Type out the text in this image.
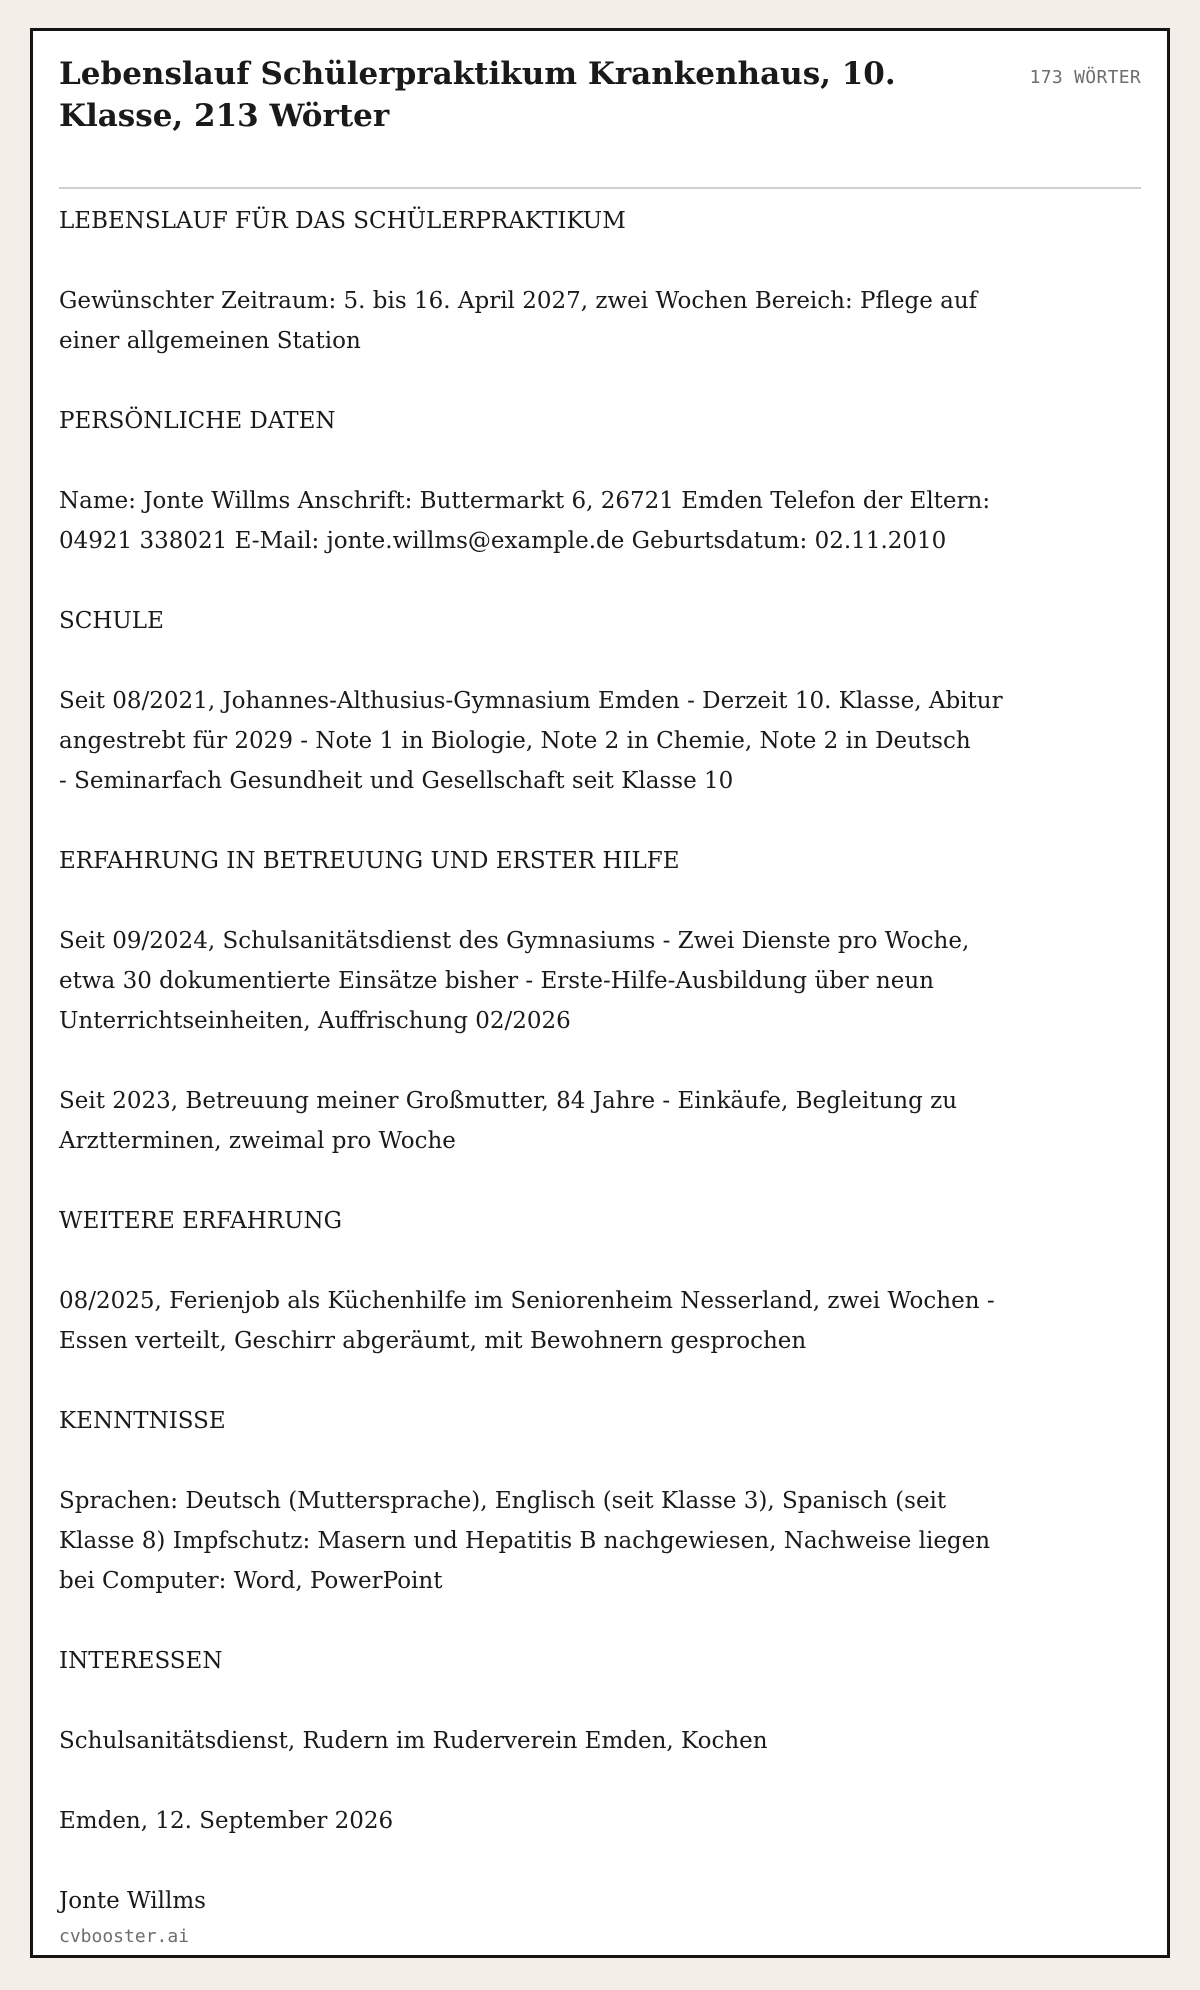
Lebenslauf Schülerpraktikum Krankenhaus, 10. Klasse, 213 Wörter
173 WÖRTER

LEBENSLAUF FÜR DAS SCHÜLERPRAKTIKUM

Gewünschter Zeitraum: 5. bis 16. April 2027, zwei Wochen Bereich: Pflege auf
einer allgemeinen Station

PERSÖNLICHE DATEN

Name: Jonte Willms Anschrift: Buttermarkt 6, 26721 Emden Telefon der Eltern:
04921 338021 E-Mail: jonte.willms@example.de Geburtsdatum: 02.11.2010

SCHULE

Seit 08/2021, Johannes-Althusius-Gymnasium Emden - Derzeit 10. Klasse, Abitur
angestrebt für 2029 - Note 1 in Biologie, Note 2 in Chemie, Note 2 in Deutsch
- Seminarfach Gesundheit und Gesellschaft seit Klasse 10

ERFAHRUNG IN BETREUUNG UND ERSTER HILFE

Seit 09/2024, Schulsanitätsdienst des Gymnasiums - Zwei Dienste pro Woche,
etwa 30 dokumentierte Einsätze bisher - Erste-Hilfe-Ausbildung über neun
Unterrichtseinheiten, Auffrischung 02/2026

Seit 2023, Betreuung meiner Großmutter, 84 Jahre - Einkäufe, Begleitung zu
Arztterminen, zweimal pro Woche

WEITERE ERFAHRUNG

08/2025, Ferienjob als Küchenhilfe im Seniorenheim Nesserland, zwei Wochen -
Essen verteilt, Geschirr abgeräumt, mit Bewohnern gesprochen

KENNTNISSE

Sprachen: Deutsch (Muttersprache), Englisch (seit Klasse 3), Spanisch (seit
Klasse 8) Impfschutz: Masern und Hepatitis B nachgewiesen, Nachweise liegen
bei Computer: Word, PowerPoint

INTERESSEN

Schulsanitätsdienst, Rudern im Ruderverein Emden, Kochen

Emden, 12. September 2026

Jonte Willms

cvbooster.ai
